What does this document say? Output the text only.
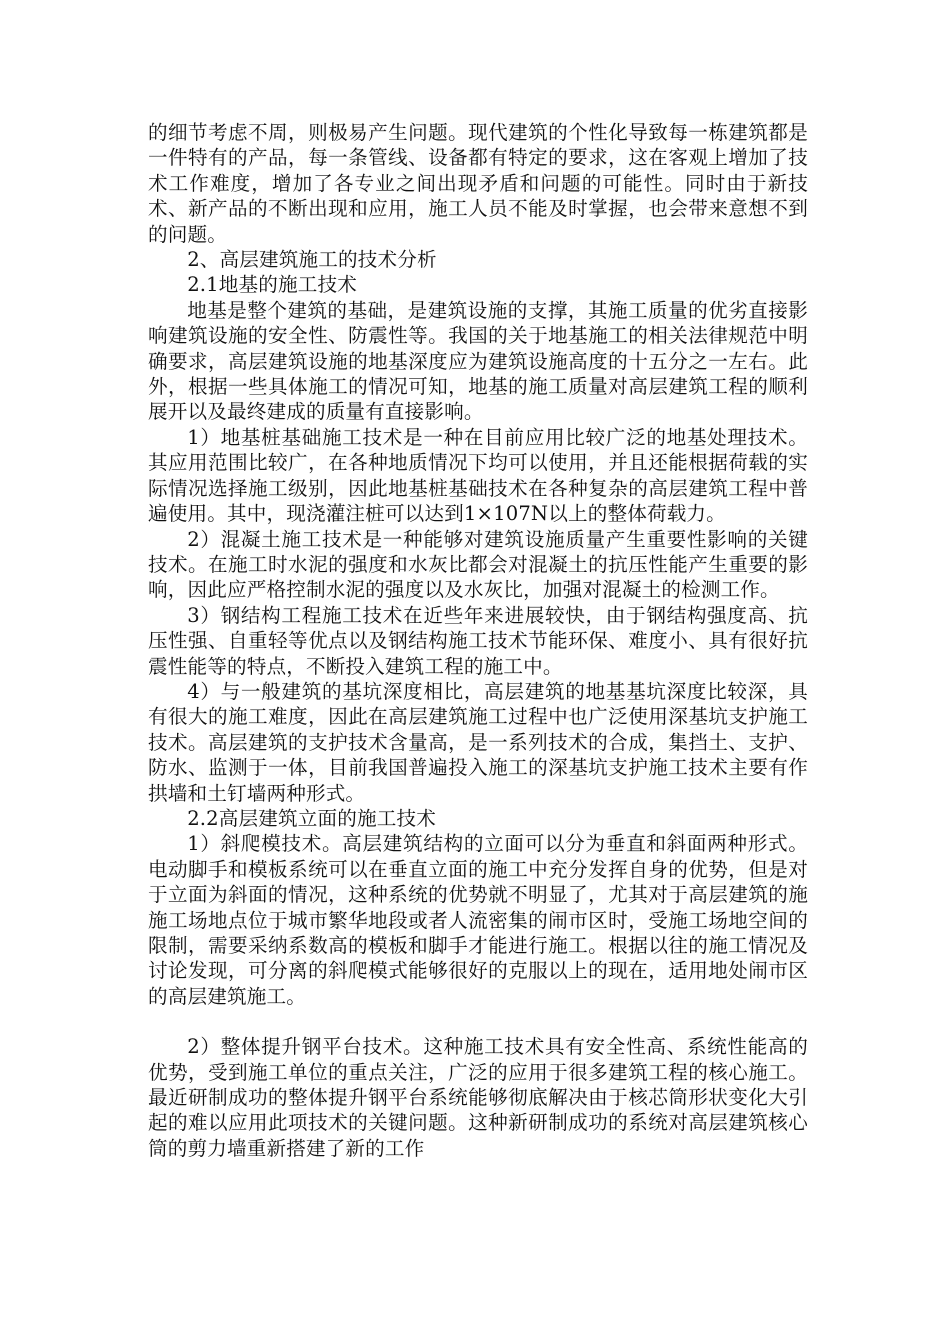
的细节考虑不周，则极易产生问题。现代建筑的个性化导致每一栋建筑都是一件特有的产品，每一条管线、设备都有特定的要求，这在客观上增加了技术工作难度，增加了各专业之间出现矛盾和问题的可能性。同时由于新技术、新产品的不断出现和应用，施工人员不能及时掌握，也会带来意想不到的问题。

2、高层建筑施工的技术分析

2.1地基的施工技术

地基是整个建筑的基础，是建筑设施的支撑，其施工质量的优劣直接影响建筑设施的安全性、防震性等。我国的关于地基施工的相关法律规范中明确要求，高层建筑设施的地基深度应为建筑设施高度的十五分之一左右。此外，根据一些具体施工的情况可知，地基的施工质量对高层建筑工程的顺利展开以及最终建成的质量有直接影响。

1）地基桩基础施工技术是一种在目前应用比较广泛的地基处理技术。其应用范围比较广，在各种地质情况下均可以使用，并且还能根据荷载的实际情况选择施工级别，因此地基桩基础技术在各种复杂的高层建筑工程中普遍使用。其中，现浇灌注桩可以达到1×107N以上的整体荷载力。

2）混凝土施工技术是一种能够对建筑设施质量产生重要性影响的关键技术。在施工时水泥的强度和水灰比都会对混凝土的抗压性能产生重要的影响，因此应严格控制水泥的强度以及水灰比，加强对混凝土的检测工作。

3）钢结构工程施工技术在近些年来进展较快，由于钢结构强度高、抗压性强、自重轻等优点以及钢结构施工技术节能环保、难度小、具有很好抗震性能等的特点，不断投入建筑工程的施工中。

4）与一般建筑的基坑深度相比，高层建筑的地基基坑深度比较深，具有很大的施工难度，因此在高层建筑施工过程中也广泛使用深基坑支护施工技术。高层建筑的支护技术含量高，是一系列技术的合成，集挡土、支护、防水、监测于一体，目前我国普遍投入施工的深基坑支护施工技术主要有作拱墙和土钉墙两种形式。

2.2高层建筑立面的施工技术

1）斜爬模技术。高层建筑结构的立面可以分为垂直和斜面两种形式。电动脚手和模板系统可以在垂直立面的施工中充分发挥自身的优势，但是对于立面为斜面的情况，这种系统的优势就不明显了，尤其对于高层建筑的施施工场地点位于城市繁华地段或者人流密集的闹市区时，受施工场地空间的限制，需要采纳系数高的模板和脚手才能进行施工。根据以往的施工情况及讨论发现，可分离的斜爬模式能够很好的克服以上的现在，适用地处闹市区的高层建筑施工。

2）整体提升钢平台技术。这种施工技术具有安全性高、系统性能高的优势，受到施工单位的重点关注，广泛的应用于很多建筑工程的核心施工。最近研制成功的整体提升钢平台系统能够彻底解决由于核芯筒形状变化大引起的难以应用此项技术的关键问题。这种新研制成功的系统对高层建筑核心筒的剪力墙重新搭建了新的工作
